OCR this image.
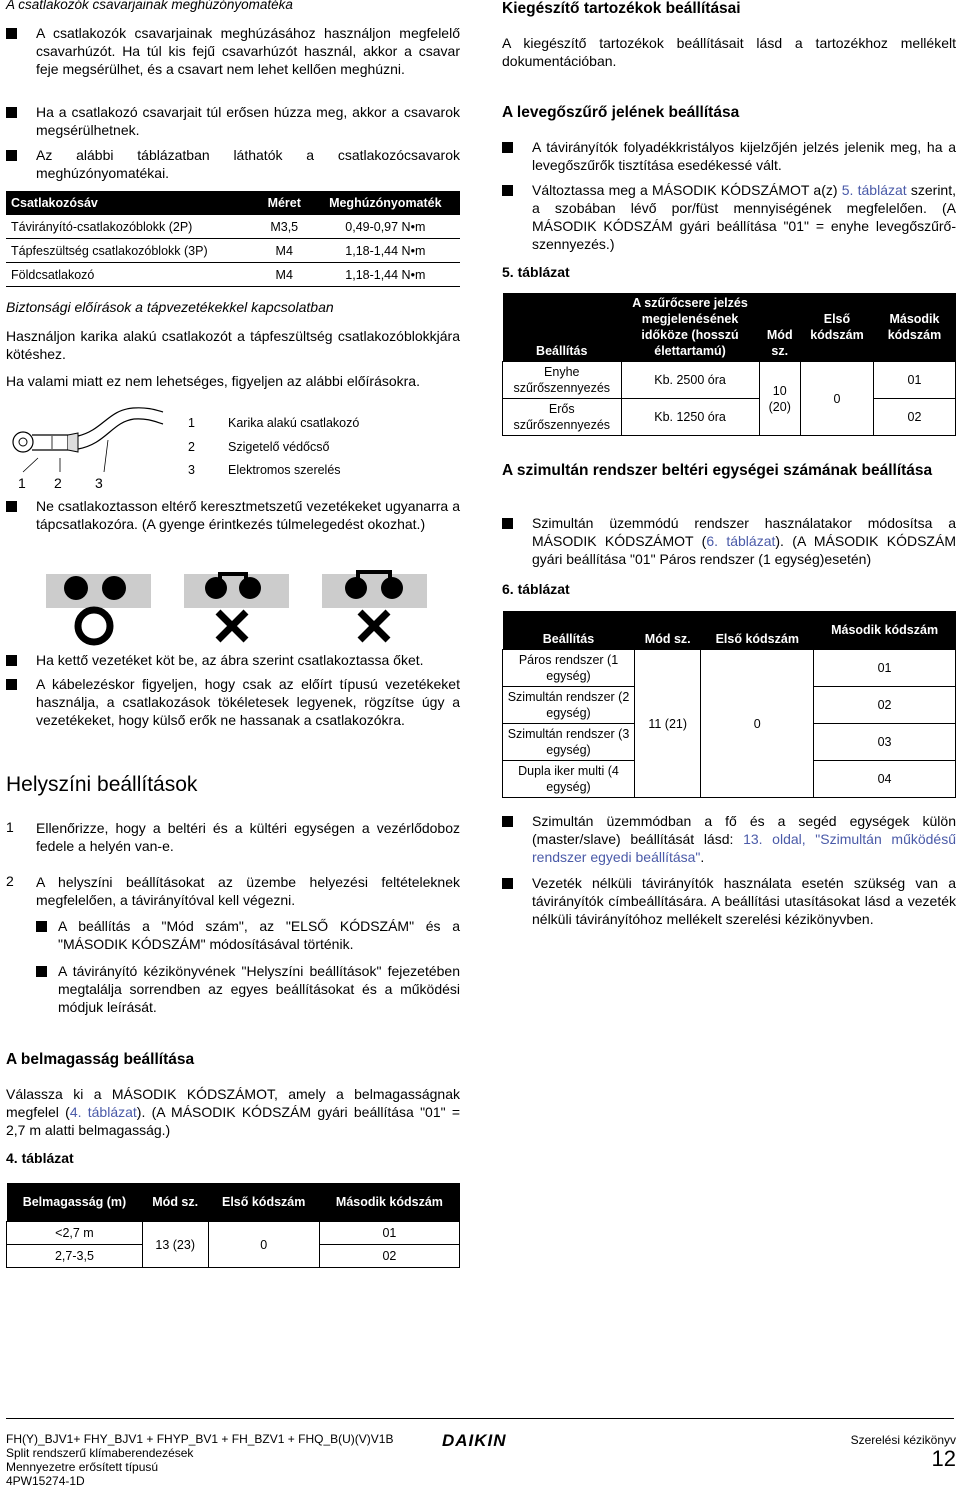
A csatlakozók csavarjainak meghúzónyomatéka

A csatlakozók csavarjainak meghúzásához használjon megfelelő csavarhúzót. Ha túl kis fejű csavarhúzót használ, akkor a csavar feje megsérülhet, és a csavart nem lehet kellően meghúzni.

Ha a csatlakozó csavarjait túl erősen húzza meg, akkor a csavarok megsérülhetnek.

Az alábbi táblázatban láthatók a csatlakozócsavarok meghúzónyomatékai.

Csatlakozósáv	Méret	Meghúzónyomaték
Távirányító-csatlakozóblokk (2P)	M3,5	0,49-0,97 N•m
Tápfeszültség csatlakozóblokk (3P)	M4	1,18-1,44 N•m
Földcsatlakozó	M4	1,18-1,44 N•m
Biztonsági előírások a tápvezetékekkel kapcsolatban

Használjon karika alakú csatlakozót a tápfeszültség csatlakozóblokkjára kötéshez.

Ha valami miatt ez nem lehetséges, figyeljen az alábbi előírásokra.

1 2 3
1	Karika alakú csatlakozó
2	Szigetelő védőcső
3	Elektromos szerelés

Ne csatlakoztasson eltérő keresztmetszetű vezetékeket ugyanarra a tápcsatlakozóra. (A gyenge érintkezés túlmelegedést okozhat.)

Ha kettő vezetéket köt be, az ábra szerint csatlakoztassa őket.

A kábelezéskor figyeljen, hogy csak az előírt típusú vezetékeket használja, a csatlakozások tökéletesek legyenek, rögzítse úgy a vezetékeket, hogy külső erők ne hassanak a csatlakozókra.

Helyszíni beállítások
1 Ellenőrizze, hogy a beltéri és a kültéri egységen a vezérlődoboz fedele a helyén van-e.

2 A helyszíni beállításokat az üzembe helyezési feltételeknek megfelelően, a távirányítóval kell végezni.

A beállítás a "Mód szám", az "ELSŐ KÓDSZÁM" és a "MÁSODIK KÓDSZÁM" módosításával történik.

A távirányító kézikönyvének "Helyszíni beállítások" fejezetében megtalálja sorrendben az egyes beállításokat és a működési módjuk leírását.

A belmagasság beállítása

Válassza ki a MÁSODIK KÓDSZÁMOT, amely a belmagasságnak megfelel (4. táblázat). (A MÁSODIK KÓDSZÁM gyári beállítása "01" = 2,7 m alatti belmagasság.)

4. táblázat
Belmagasság (m)	Mód sz.	Első kódszám	Második kódszám
<2,7 m	13 (23)	0	01
2,7-3,5			02
Kiegészítő tartozékok beállításai

A kiegészítő tartozékok beállításait lásd a tartozékhoz mellékelt dokumentációban.

A levegőszűrő jelének beállítása

A távirányítók folyadékkristályos kijelzőjén jelzés jelenik meg, ha a levegőszűrők tisztítása esedékessé vált.

Változtassa meg a MÁSODIK KÓDSZÁMOT a(z) 5. táblázat szerint, a szobában lévő por/füst mennyiségének megfelelően. (A MÁSODIK KÓDSZÁM gyári beállítása "01" = enyhe levegőszűrő-szennyezés.)

5. táblázat
Beállítás	A szűrőcsere jelzés megjelenésének időköze (hosszú élettartamú)	Mód sz.	Első kódszám	Második kódszám
Enyhe szűrőszennyezés	Kb. 2500 óra	10 (20)	0	01
Erős szűrőszennyezés	Kb. 1250 óra			02
A szimultán rendszer beltéri egységei számának beállítása

Szimultán üzemmódú rendszer használatakor módosítsa a MÁSODIK KÓDSZÁMOT (6. táblázat). (A MÁSODIK KÓDSZÁM gyári beállítása "01" Páros rendszer (1 egység)esetén)

6. táblázat
Beállítás	Mód sz.	Első kódszám	Második kódszám
Páros rendszer (1 egység)	11 (21)	0	01
Szimultán rendszer (2 egység)			02
Szimultán rendszer (3 egység)			03
Dupla iker multi (4 egység)			04

Szimultán üzemmódban a fő és a segéd egységek külön (master/slave) beállítását lásd: 13. oldal, "Szimultán működésű rendszer egyedi beállítása".

Vezeték nélküli távirányítók használata esetén szükség van a távirányítók címbeállítására. A beállítási utasításokat lásd a vezeték nélküli távirányítóhoz mellékelt szerelési kézikönyvben.

FH(Y)_BJV1+ FHY_BJV1 + FHYP_BV1 + FH_BZV1 + FHQ_B(U)(V)V1B
Split rendszerű klímaberendezések
Mennyezetre erősített típusú
4PW15274-1D
DAIKIN	Szerelési kézikönyv
12
